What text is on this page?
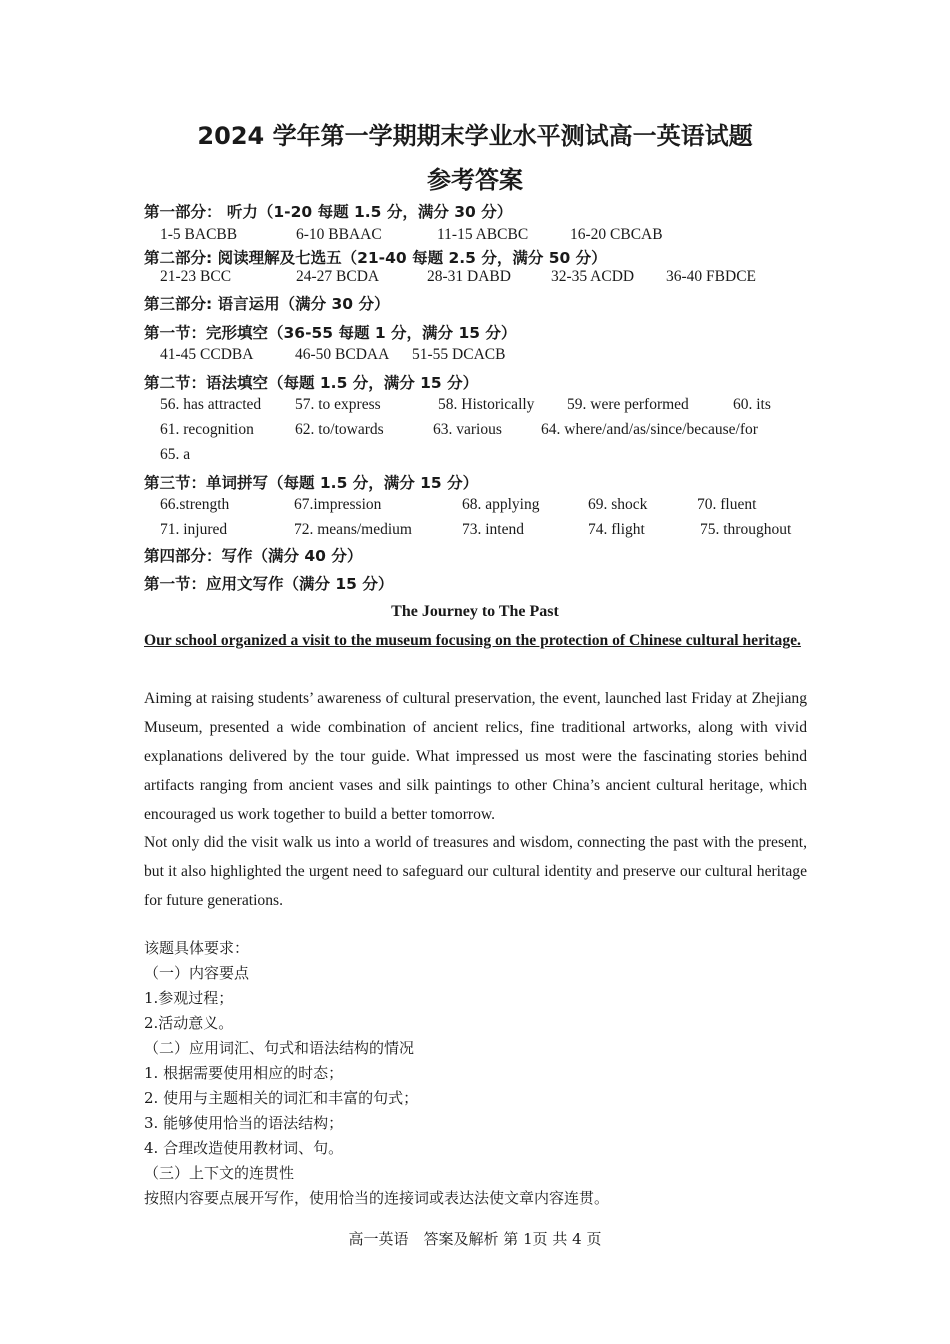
2024 学年第一学期期末学业水平测试高一英语试题
参考答案
第一部分： 听力（1-20 每题 1.5 分，满分 30 分）
1-5 BACBB	6-10 BBAAC	11-15 ABCBC	16-20 CBCAB
第二部分: 阅读理解及七选五（21-40 每题 2.5 分，满分 50 分）
21-23 BCC	24-27 BCDA	28-31 DABD	32-35 ACDD 36-40 FBDCE
第三部分: 语言运用（满分 30 分）
第一节：完形填空（36-55 每题 1 分，满分 15 分）
41-45 CCDBA	46-50 BCDAA 51-55 DCACB
第二节：语法填空（每题 1.5 分，满分 15 分）
56. has attracted 57. to express	58. Historically 59. were performed	60. its
61. recognition	62. to/towards	63. various	64. where/and/as/since/because/for
65. a
第三节：单词拼写（每题 1.5 分，满分 15 分）
66.strength	67.impression	68. applying	69. shock	70. fluent
71. injured	72. means/medium	73. intend	74. flight	75. throughout
第四部分：写作（满分 40 分）
第一节：应用文写作（满分 15 分）
The Journey to The Past
Our school organized a visit to the museum focusing on the protection of Chinese cultural heritage.
Aiming at raising students’ awareness of cultural preservation, the event, launched last Friday at Zhejiang Museum, presented a wide combination of ancient relics, fine traditional artworks, along with vivid explanations delivered by the tour guide. What impressed us most were the fascinating stories behind artifacts ranging from ancient vases and silk paintings to other China’s ancient cultural heritage, which encouraged us work together to build a better tomorrow.
Not only did the visit walk us into a world of treasures and wisdom, connecting the past with the present, but it also highlighted the urgent need to safeguard our cultural identity and preserve our cultural heritage for future generations.
该题具体要求：
（一）内容要点
1.参观过程；
2.活动意义。
（二）应用词汇、句式和语法结构的情况
1. 根据需要使用相应的时态；
2. 使用与主题相关的词汇和丰富的句式；
3. 能够使用恰当的语法结构；
4. 合理改造使用教材词、句。
（三）上下文的连贯性
按照内容要点展开写作，使用恰当的连接词或表达法使文章内容连贯。
高一英语　答案及解析 第 1页 共 4 页
